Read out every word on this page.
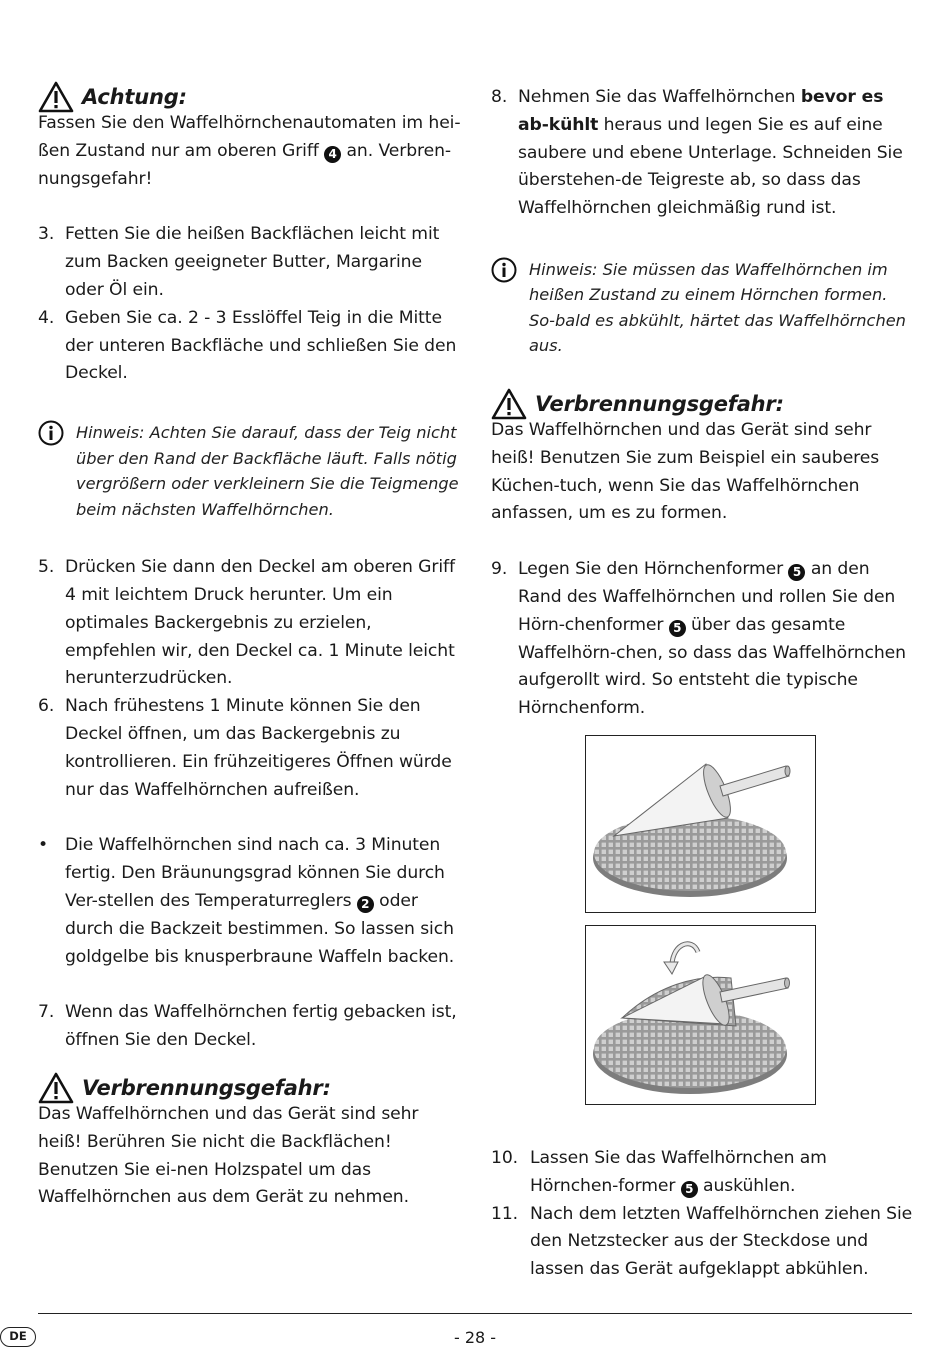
Achtung:

Fassen Sie den Waffelhörnchenautomaten im hei-ßen Zustand nur am oberen Griff 4 an. Verbren-nungsgefahr!

3. Fetten Sie die heißen Backflächen leicht mit zum Backen geeigneter Butter, Margarine oder Öl ein.
4. Geben Sie ca. 2 - 3 Esslöffel Teig in die Mitte der unteren Backfläche und schließen Sie den Deckel.
Hinweis: Achten Sie darauf, dass der Teig nicht über den Rand der Backfläche läuft. Falls nötig vergrößern oder verkleinern Sie die Teigmenge beim nächsten Waffelhörnchen.
5. Drücken Sie dann den Deckel am oberen Griff 4 mit leichtem Druck herunter. Um ein optimales Backergebnis zu erzielen, empfehlen wir, den Deckel ca. 1 Minute leicht herunterzudrücken.
6. Nach frühestens 1 Minute können Sie den Deckel öffnen, um das Backergebnis zu kontrollieren. Ein frühzeitigeres Öffnen würde nur das Waffelhörnchen aufreißen.
• Die Waffelhörnchen sind nach ca. 3 Minuten fertig. Den Bräunungsgrad können Sie durch Ver-stellen des Temperaturreglers 2 oder durch die Backzeit bestimmen. So lassen sich goldgelbe bis knusperbraune Waffeln backen.
7. Wenn das Waffelhörnchen fertig gebacken ist, öffnen Sie den Deckel.
Verbrennungsgefahr:

Das Waffelhörnchen und das Gerät sind sehr heiß! Berühren Sie nicht die Backflächen! Benutzen Sie ei-nen Holzspatel um das Waffelhörnchen aus dem Gerät zu nehmen.

8. Nehmen Sie das Waffelhörnchen bevor es ab-kühlt heraus und legen Sie es auf eine saubere und ebene Unterlage. Schneiden Sie überstehen-de Teigreste ab, so dass das Waffelhörnchen gleichmäßig rund ist.
Hinweis: Sie müssen das Waffelhörnchen im heißen Zustand zu einem Hörnchen formen. So-bald es abkühlt, härtet das Waffelhörnchen aus.
Verbrennungsgefahr:

Das Waffelhörnchen und das Gerät sind sehr heiß! Benutzen Sie zum Beispiel ein sauberes Küchen-tuch, wenn Sie das Waffelhörnchen anfassen, um es zu formen.

9. Legen Sie den Hörnchenformer 5 an den Rand des Waffelhörnchen und rollen Sie den Hörn-chenformer 5 über das gesamte Waffelhörn-chen, so dass das Waffelhörnchen aufgerollt wird. So entsteht die typische Hörnchenform.
10. Lassen Sie das Waffelhörnchen am Hörnchen-former 5 auskühlen.
11. Nach dem letzten Waffelhörnchen ziehen Sie den Netzstecker aus der Steckdose und lassen das Gerät aufgeklappt abkühlen.
DE	- 28 -
